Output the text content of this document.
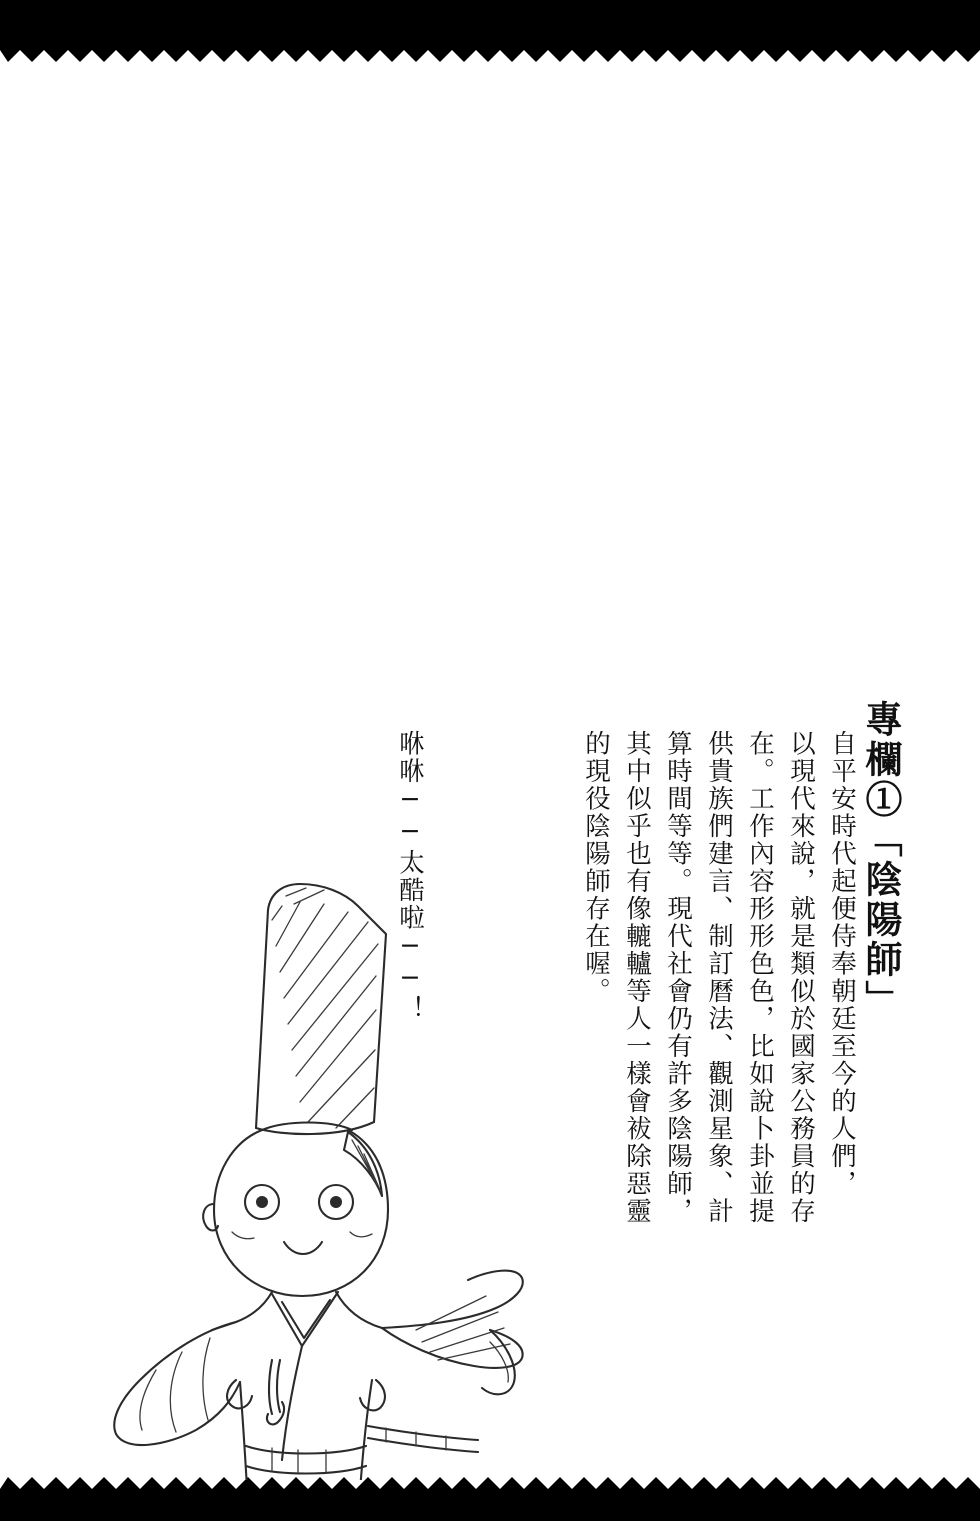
專欄①「陰陽師」
自平安時代起便侍奉朝廷至今的人們，
以現代來說，就是類似於國家公務員的存
在。工作內容形形色色，比如說卜卦並提
供貴族們建言、制訂曆法、觀測星象、計
算時間等等。現代社會仍有許多陰陽師，
其中似乎也有像轆轤等人一樣會袚除惡靈
的現役陰陽師存在喔。
咻咻──太酷啦──！
